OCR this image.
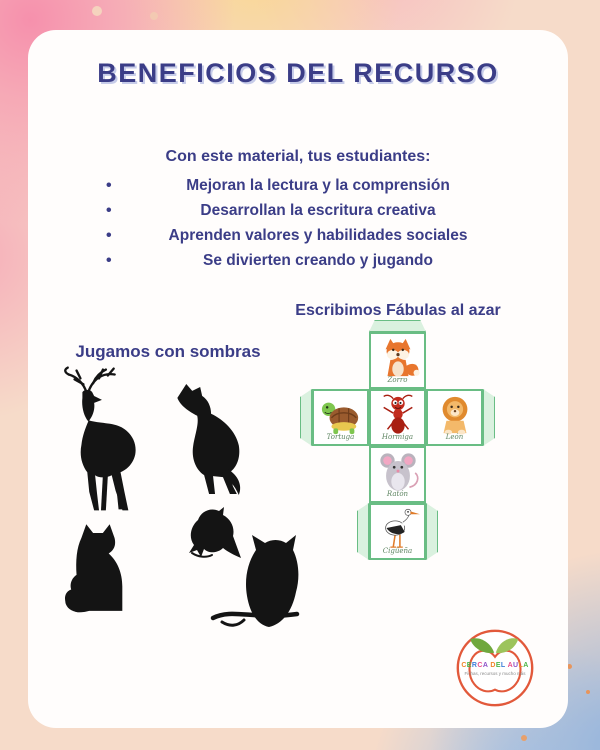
BENEFICIOS DEL RECURSO
Con este material, tus estudiantes:
•	Mejoran la lectura y la comprensión
•	Desarrollan la escritura creativa
•	Aprenden valores y habilidades sociales
•	Se divierten creando y jugando
Escribimos Fábulas al azar
Jugamos con sombras
Zorro
Tortuga	Hormiga	León
Ratón
Cigüeña
CERCA DEL AULA
Fichas, recursos y mucho más
